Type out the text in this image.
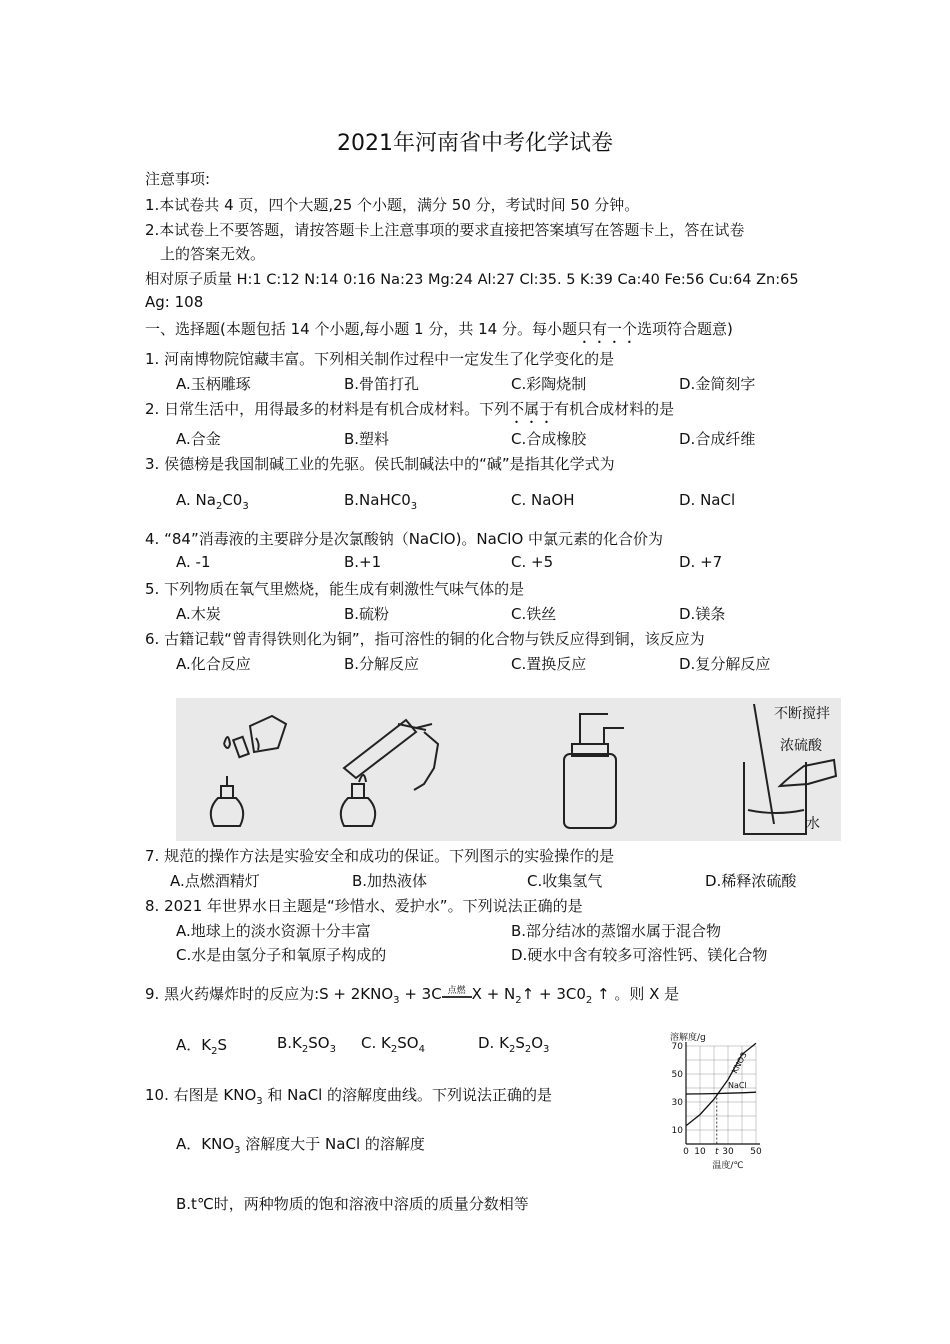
2021年河南省中考化学试卷
注意事项:
1.本试卷共 4 页，四个大题,25 个小题，满分 50 分，考试时间 50 分钟。
2.本试卷上不要答题，请按答题卡上注意事项的要求直接把答案填写在答题卡上，答在试卷
上的答案无效。
相对原子质量 H:1 C:12 N:14 0:16 Na:23 Mg:24 Al:27 Cl:35. 5 K:39 Ca:40 Fe:56 Cu:64 Zn:65
Ag: 108
一、选择题(本题包括 14 个小题,每小题 1 分，共 14 分。每小题只有一个选项符合题意)
1. 河南博物院馆藏丰富。下列相关制作过程中一定发生了化学变化的是
A.玉柄雕琢	B.骨笛打孔	C.彩陶烧制	D.金简刻字
2. 日常生活中，用得最多的材料是有机合成材料。下列不属于有机合成材料的是
A.合金	B.塑料	C.合成橡胶	D.合成纤维
3. 侯德榜是我国制碱工业的先驱。侯氏制碱法中的“碱”是指其化学式为
A. $Na_2C0_3$	$B.NaHC0_3$	C. NaOH	D. NaCl
4. “84”消毒液的主要辟分是次氯酸钠（NaClO)。NaClO 中氯元素的化合价为
A. -1	B.+1	C. +5	D. +7
5. 下列物质在氧气里燃烧，能生成有刺激性气味气体的是
A.木炭	B.硫粉	C.铁丝	D.镁条
6. 古籍记载“曾青得铁则化为铜”，指可溶性的铜的化合物与铁反应得到铜，该反应为
A.化合反应	B.分解反应	C.置换反应	D.复分解反应
不断搅拌
浓硫酸
水
7. 规范的操作方法是实验安全和成功的保证。下列图示的实验操作的是
A.点燃酒精灯	B.加热液体	C.收集氢气	D.稀释浓硫酸
8. 2021 年世界水日主题是“珍惜水、爱护水”。下列说法正确的是
A.地球上的淡水资源十分丰富	B.部分结冰的蒸馏水属于混合物
C.水是由氢分子和氧原子构成的	D.硬水中含有较多可溶性钙、镁化合物
9. 黑火药爆炸时的反应为:S + $2KNO_3 + 3C$ 点燃 $X + N_2↑ + 3C0_2$ ↑ 。则 X 是
A．$K_2S$	$B.K_2SO_3$ C. $K_2SO_4$	D. $K_2S_2O_3$	70
50
30
10
0 10 t 30 50
KNO3
NaCl
溶解度/g
温度/℃
10. 右图是 $KNO_3$ 和 NaCl 的溶解度曲线。下列说法正确的是
A．$KNO_3$ 溶解度大于 NaCl 的溶解度
B.t℃时，两种物质的饱和溶液中溶质的质量分数相等
